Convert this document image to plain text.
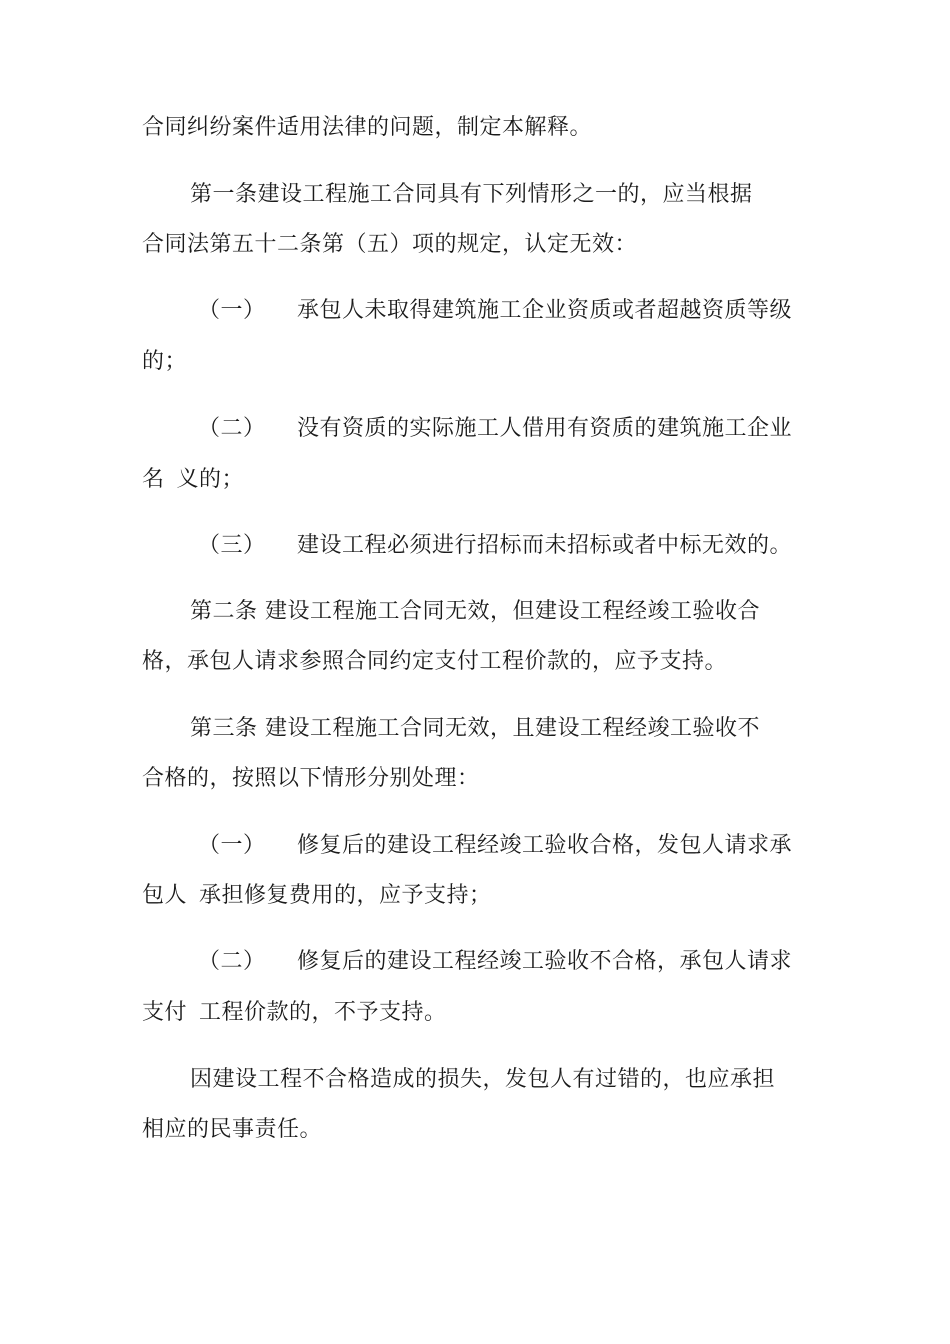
合同纠纷案件适用法律的问题，制定本解释。
第一条建设工程施工合同具有下列情形之一的，应当根据
合同法第五十二条第（五）项的规定，认定无效：
（一） 承包人未取得建筑施工企业资质或者超越资质等级
的；
（二） 没有资质的实际施工人借用有资质的建筑施工企业
名 义的；
（三） 建设工程必须进行招标而未招标或者中标无效的。
第二条 建设工程施工合同无效，但建设工程经竣工验收合
格，承包人请求参照合同约定支付工程价款的，应予支持。
第三条 建设工程施工合同无效，且建设工程经竣工验收不
合格的，按照以下情形分别处理：
（一） 修复后的建设工程经竣工验收合格，发包人请求承
包人 承担修复费用的，应予支持；
（二） 修复后的建设工程经竣工验收不合格，承包人请求
支付 工程价款的，不予支持。
因建设工程不合格造成的损失，发包人有过错的，也应承担
相应的民事责任。
